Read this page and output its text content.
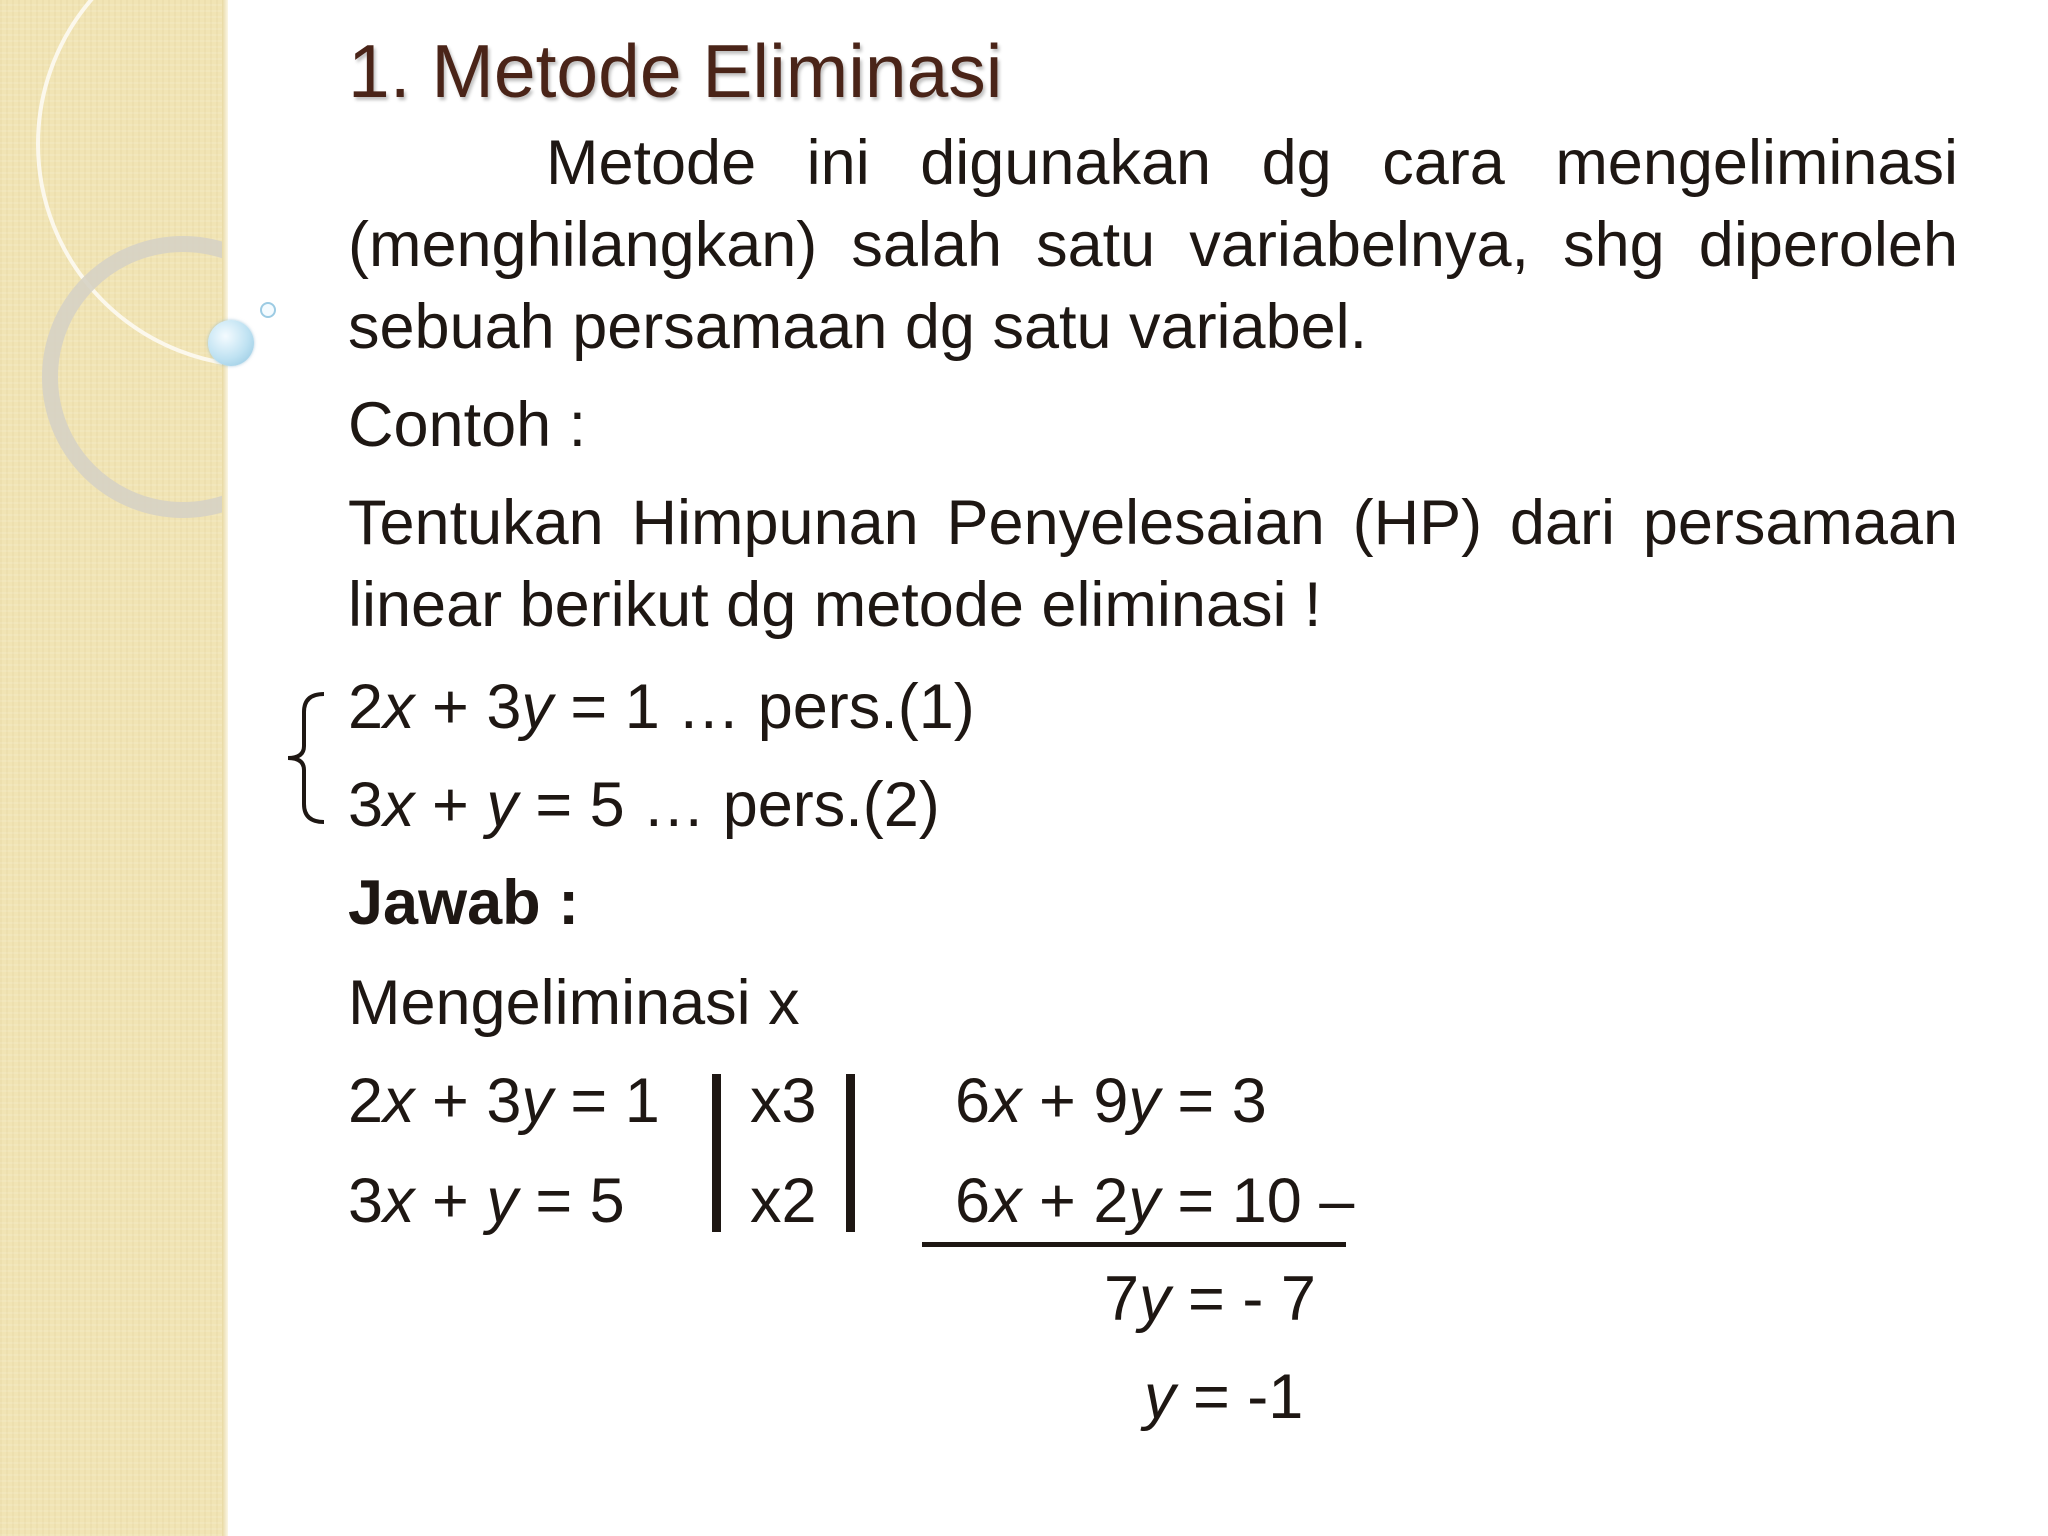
1. Metode Eliminasi

Metode ini digunakan dg cara mengeliminasi (menghilangkan) salah satu variabelnya, shg diperoleh sebuah persamaan dg satu variabel.

Contoh :

Tentukan Himpunan Penyelesaian (HP) dari persamaan linear berikut dg metode eliminasi !

2x + 3y = 1 … pers.(1)
3x + y = 5 … pers.(2)
Jawab :
Mengeliminasi x
2x + 3y = 1
3x + y = 5
x3
x2
6x + 9y = 3
6x + 2y = 10 –
7y = - 7
y = -1
